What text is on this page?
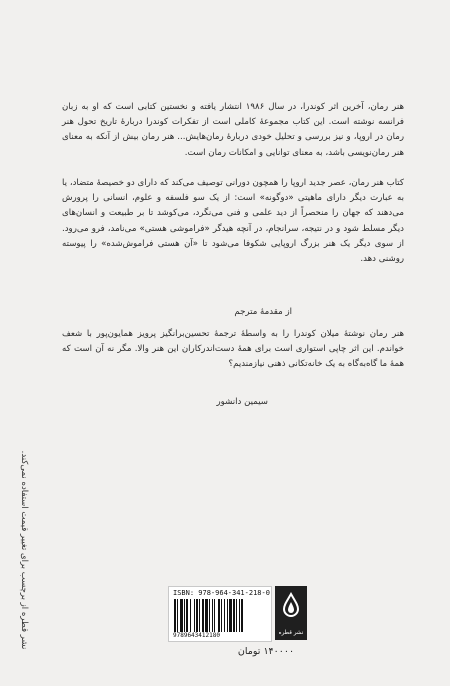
هنر رمان، آخرین اثر کوندرا، در سال ۱۹۸۶ انتشار یافته و نخستین کتابی است که او به زبان فرانسه نوشته است. این کتاب مجموعهٔ کاملی است از تفکرات کوندرا دربارهٔ تاریخ تحول هنر رمان در اروپا، و نیز بررسی و تحلیل خودی دربارهٔ رمان‌هایش... هنر رمان بیش از آنکه به معنای هنر رمان‌نویسی باشد، به معنای توانایی و امکانات رمان است.

کتاب هنر رمان، عصر جدید اروپا را همچون دورانی توصیف می‌کند که دارای دو خصیصهٔ متضاد، یا به عبارت دیگر دارای ماهیتی «دوگونه» است: از یک سو فلسفه و علوم، انسانی را پرورش می‌دهند که جهان را منحصراً از دید علمی و فنی می‌نگرد، می‌کوشد تا بر طبیعت و انسان‌های دیگر مسلط شود و در نتیجه، سرانجام، در آنچه هیدگر «فراموشی هستی» می‌نامد، فرو می‌رود. از سوی دیگر یک هنر بزرگ اروپایی شکوفا می‌شود تا «آن هستی فراموش‌شده» را پیوسته روشنی دهد.

از مقدمهٔ مترجم

هنر رمان نوشتهٔ میلان کوندرا را به واسطهٔ ترجمهٔ تحسین‌برانگیز پرویز همایون‌پور با شعف خواندم. این اثر چاپی استواری است برای همهٔ دست‌اندرکاران این هنر والا. مگر نه آن است که همهٔ ما گاه‌به‌گاه به یک خانه‌تکانی ذهنی نیازمندیم؟

سیمین دانشور
نشر قطره از برچسب برای تغییر قیمت استفاده نمی‌کند.	ISBN: 978-964-341-218-0
9789643412180	نشر قطره
۱۴۰۰۰۰ تومان
